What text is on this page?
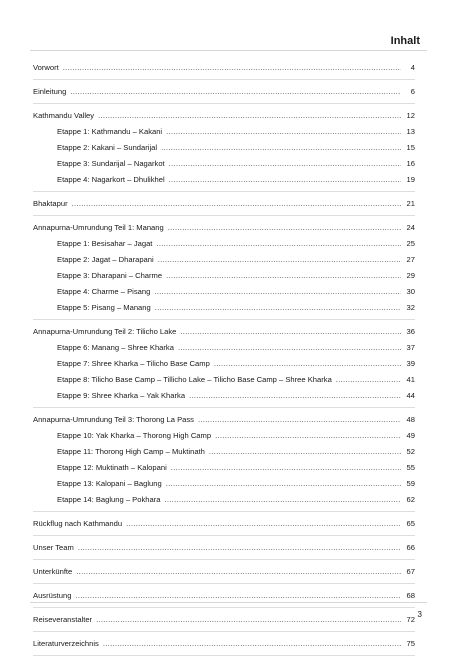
Inhalt
Vorwort .....	4
Einleitung .....	6
Kathmandu Valley .....	12
Etappe 1: Kathmandu – Kakani .....	13
Etappe 2: Kakani – Sundarijal .....	15
Etappe 3: Sundarijal – Nagarkot .....	16
Etappe 4: Nagarkort – Dhulikhel .....	19
Bhaktapur .....	21
Annapurna-Umrundung Teil 1: Manang .....	24
Etappe 1: Besisahar – Jagat .....	25
Etappe 2: Jagat – Dharapani .....	27
Etappe 3: Dharapani – Charme .....	29
Etappe 4: Charme – Pisang .....	30
Etappe 5: Pisang – Manang .....	32
Annapurna-Umrundung Teil 2: Tilicho Lake .....	36
Etappe 6: Manang – Shree Kharka .....	37
Etappe 7: Shree Kharka – Tilicho Base Camp .....	39
Etappe 8: Tilicho Base Camp – Tillicho Lake – Tilicho Base Camp – Shree Kharka .....	41
Etappe 9: Shree Kharka – Yak Kharka .....	44
Annapurna-Umrundung Teil 3: Thorong La Pass .....	48
Etappe 10: Yak Kharka – Thorong High Camp .....	49
Etappe 11: Thorong High Camp – Muktinath .....	52
Etappe 12: Muktinath – Kalopani .....	55
Etappe 13: Kalopani – Baglung .....	59
Etappe 14: Baglung – Pokhara .....	62
Rückflug nach Kathmandu .....	65
Unser Team .....	66
Unterkünfte .....	67
Ausrüstung .....	68
Reiseveranstalter .....	72
Literaturverzeichnis .....	75
3
